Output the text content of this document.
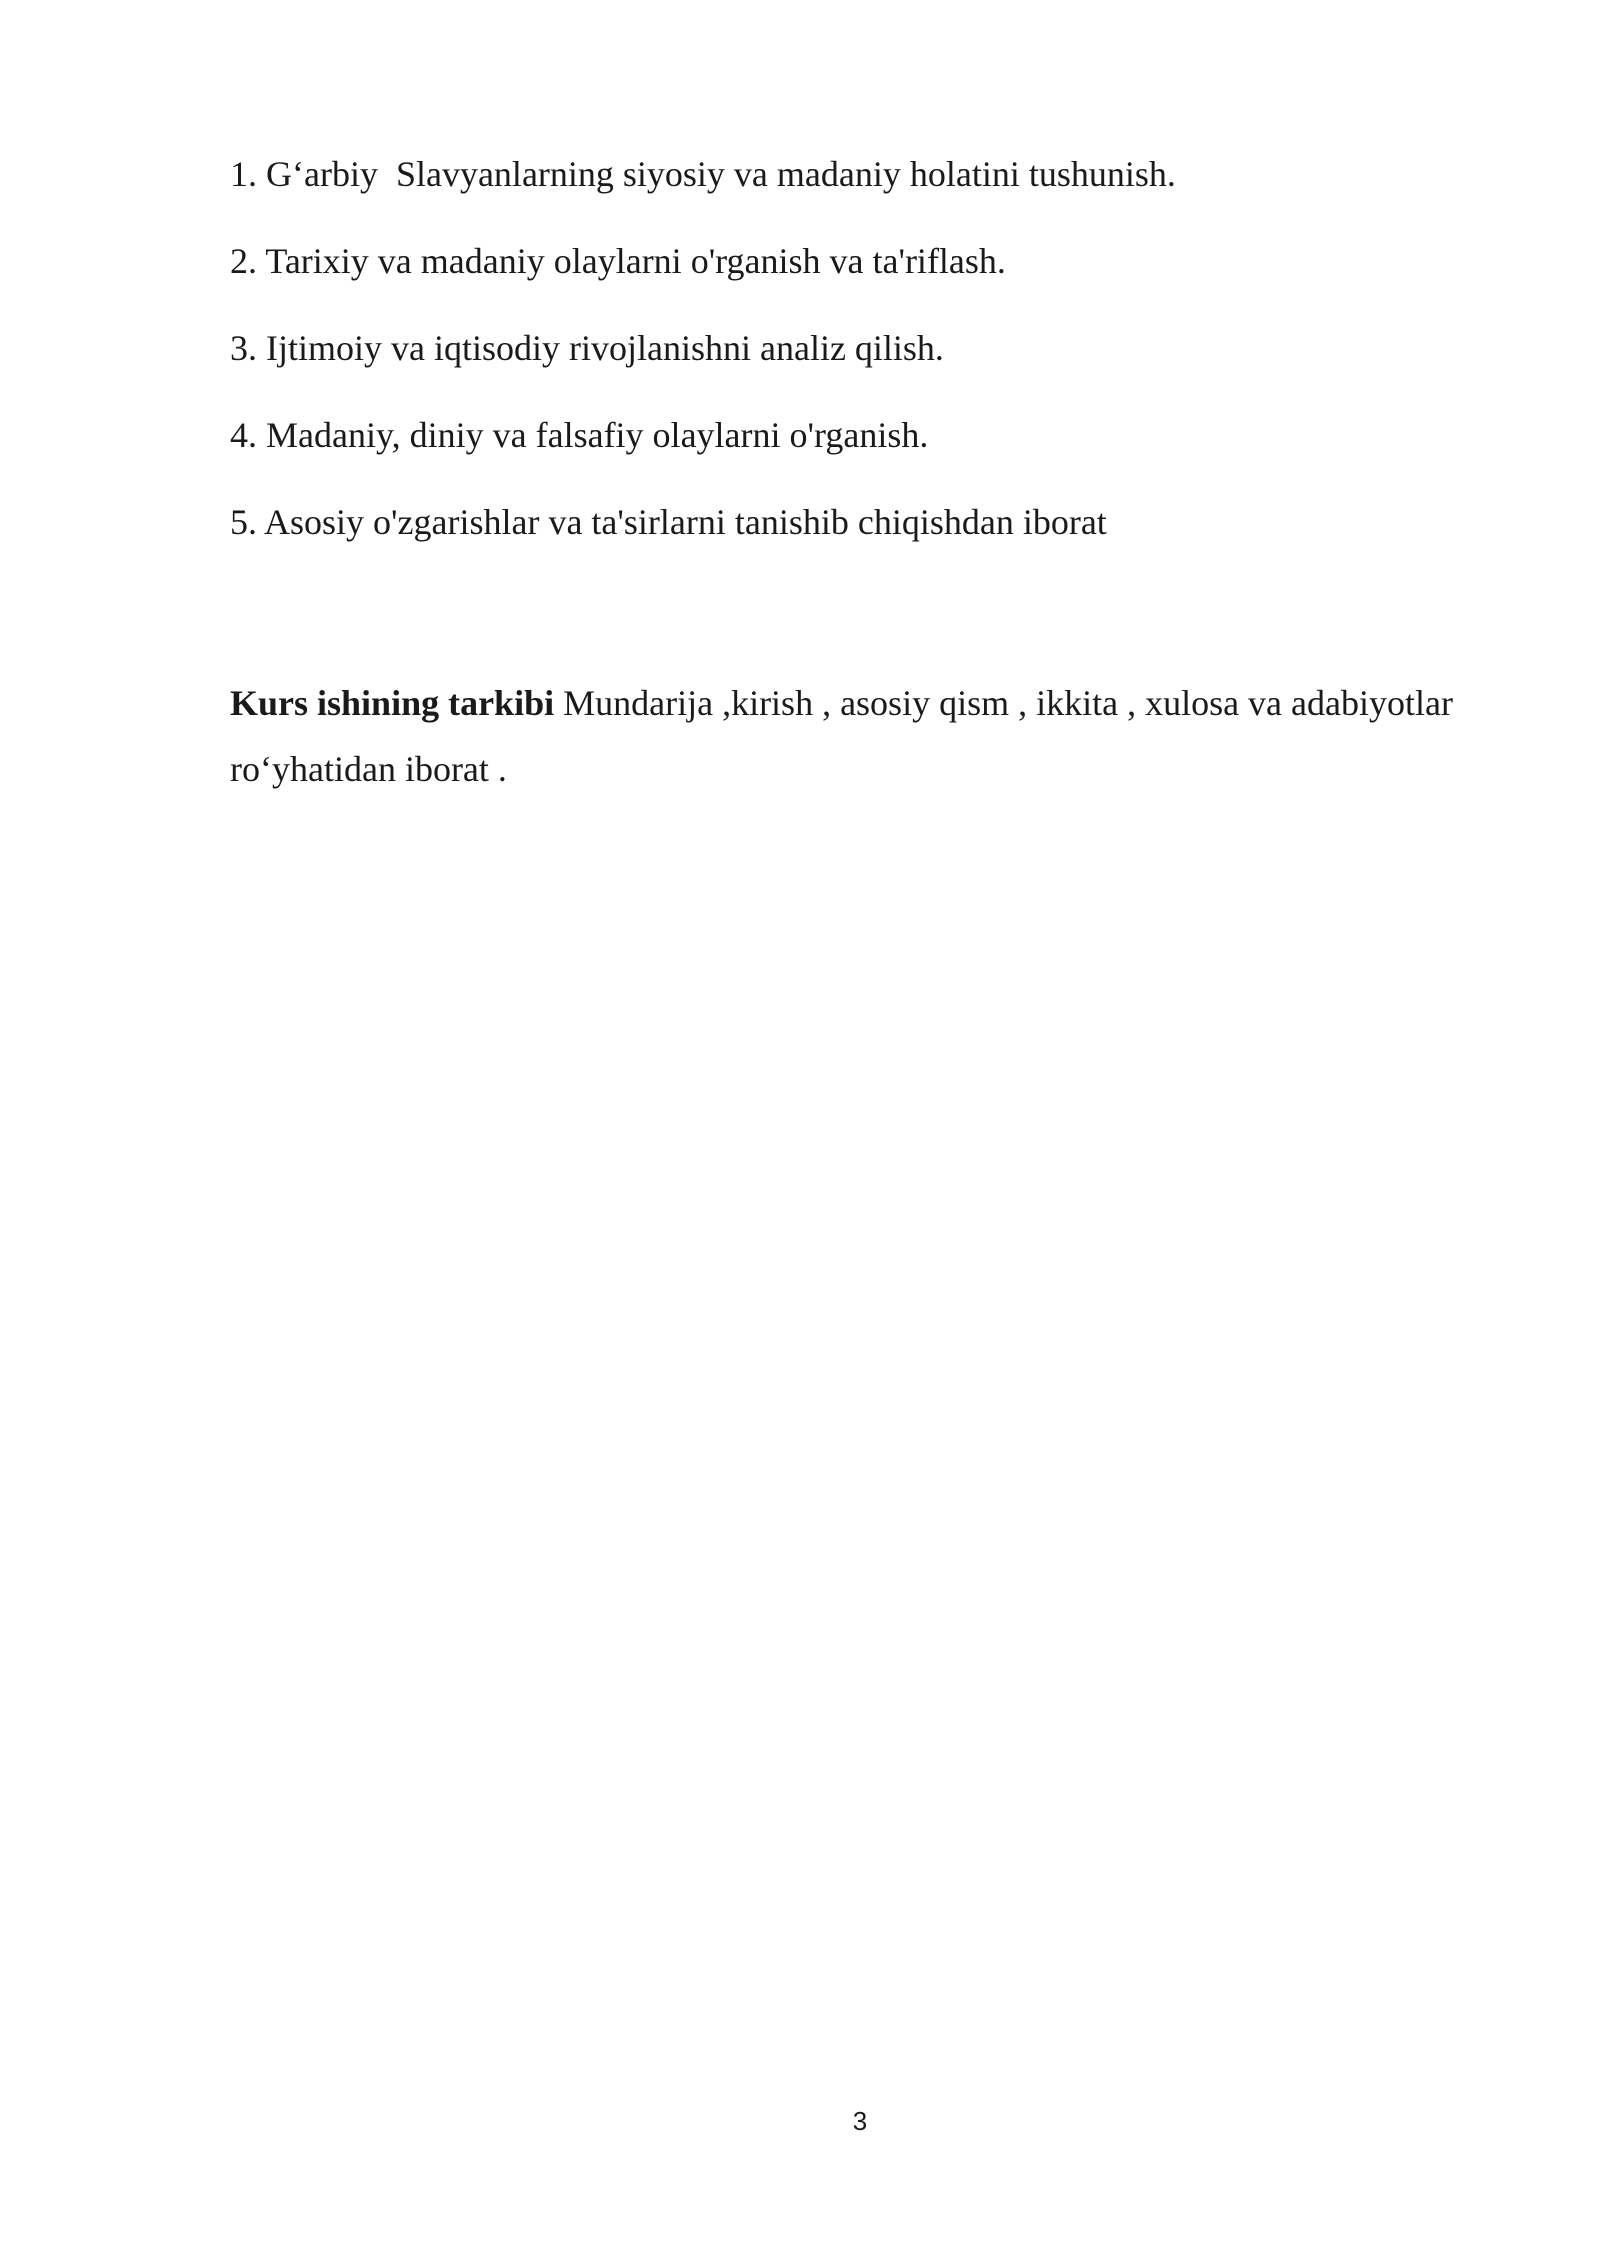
1. G‘arbiy  Slavyanlarning siyosiy va madaniy holatini tushunish.
2. Tarixiy va madaniy olaylarni o'rganish va ta'riflash.
3. Ijtimoiy va iqtisodiy rivojlanishni analiz qilish.
4. Madaniy, diniy va falsafiy olaylarni o'rganish.
5. Asosiy o'zgarishlar va ta'sirlarni tanishib chiqishdan iborat

Kurs ishining tarkibi Mundarija ,kirish , asosiy qism , ikkita , xulosa va adabiyotlar ro‘yhatidan iborat .

3
